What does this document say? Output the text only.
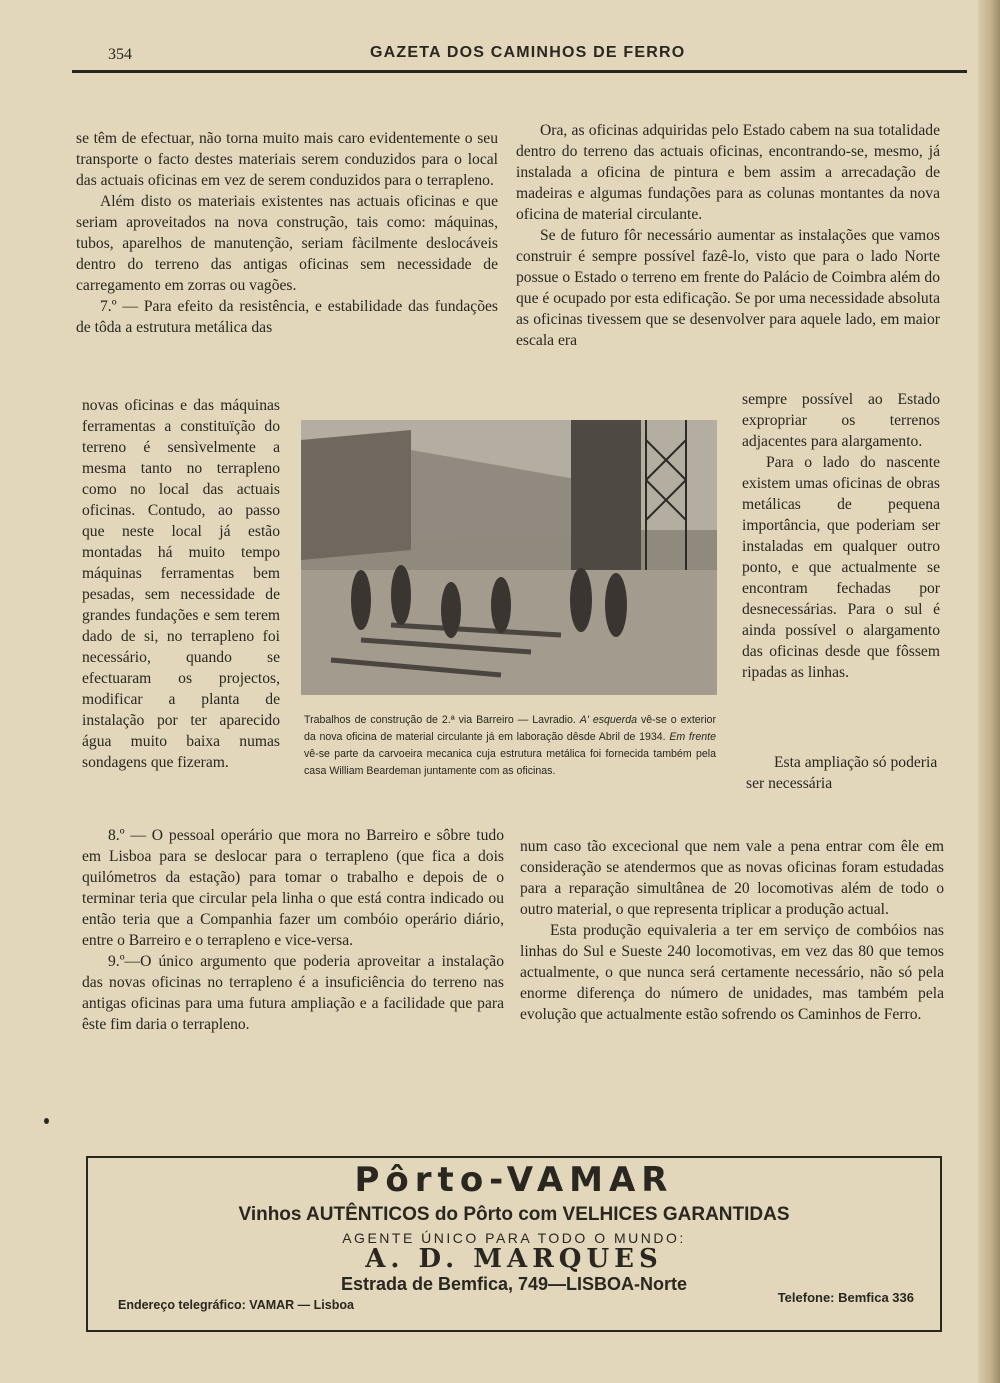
354	GAZETA DOS CAMINHOS DE FERRO

se têm de efectuar, não torna muito mais caro evidentemente o seu transporte o facto destes materiais serem conduzidos para o local das actuais oficinas em vez de serem conduzidos para o terrapleno.

Além disto os materiais existentes nas actuais oficinas e que seriam aproveitados na nova construção, tais como: máquinas, tubos, aparelhos de manutenção, seriam fàcilmente deslocáveis dentro do terreno das antigas oficinas sem necessidade de carregamento em zorras ou vagões.

7.º — Para efeito da resistência, e estabilidade das fundações de tôda a estrutura metálica das

novas oficinas e das máquinas ferramentas a constituïção do terreno é sensìvelmente a mesma tanto no terrapleno como no local das actuais oficinas. Contudo, ao passo que neste local já estão montadas há muito tempo máquinas ferramentas bem pesadas, sem necessidade de grandes fundações e sem terem dado de si, no terrapleno foi necessário, quando se efectuaram os projectos, modificar a planta de instalação por ter aparecido água muito baixa numas sondagens que fizeram.

Ora, as oficinas adquiridas pelo Estado cabem na sua totalidade dentro do terreno das actuais oficinas, encontrando-se, mesmo, já instalada a oficina de pintura e bem assim a arrecadação de madeiras e algumas fundações para as colunas montantes da nova oficina de material circulante.

Se de futuro fôr necessário aumentar as instalações que vamos construir é sempre possível fazê-lo, visto que para o lado Norte possue o Estado o terreno em frente do Palácio de Coimbra além do que é ocupado por esta edificação. Se por uma necessidade absoluta as oficinas tivessem que se desenvolver para aquele lado, em maior escala era

sempre possível ao Estado expropriar os terrenos adjacentes para alargamento.

Para o lado do nascente existem umas oficinas de obras metálicas de pequena importância, que poderiam ser instaladas em qualquer outro ponto, e que actualmente se encontram fechadas por desnecessárias. Para o sul é ainda possível o alargamento das oficinas desde que fôssem ripadas as linhas.

Trabalhos de construção de 2.ª via Barreiro — Lavradio. A' esquerda vê-se o exterior da nova oficina de material circulante já em laboração dêsde Abril de 1934. Em frente vê-se parte da carvoeira mecanica cuja estrutura metálica foi fornecida também pela casa William Beardeman juntamente com as oficinas.	Esta ampliação só poderia ser necessária

8.º — O pessoal operário que mora no Barreiro e sôbre tudo em Lisboa para se deslocar para o terrapleno (que fica a dois quilómetros da estação) para tomar o trabalho e depois de o terminar teria que circular pela linha o que está contra indicado ou então teria que a Companhia fazer um combóio operário diário, entre o Barreiro e o terrapleno e vice-versa.

9.º—O único argumento que poderia aproveitar a instalação das novas oficinas no terrapleno é a insuficiência do terreno nas antigas oficinas para uma futura ampliação e a facilidade que para êste fim daria o terrapleno.

num caso tão excecional que nem vale a pena entrar com êle em consideração se atendermos que as novas oficinas foram estudadas para a reparação simultânea de 20 locomotivas além de todo o outro material, o que representa triplicar a produção actual.

Esta produção equivaleria a ter em serviço de combóios nas linhas do Sul e Sueste 240 locomotivas, em vez das 80 que temos actualmente, o que nunca será certamente necessário, não só pela enorme diferença do número de unidades, mas também pela evolução que actualmente estão sofrendo os Caminhos de Ferro.

Pôrto-VAMAR
Vinhos AUTÊNTICOS do Pôrto com VELHICES GARANTIDAS
AGENTE ÚNICO PARA TODO O MUNDO:
A. D. MARQUES
Estrada de Bemfica, 749—LISBOA-Norte
Endereço telegráfico: VAMAR — Lisboa	Telefone: Bemfica 336
